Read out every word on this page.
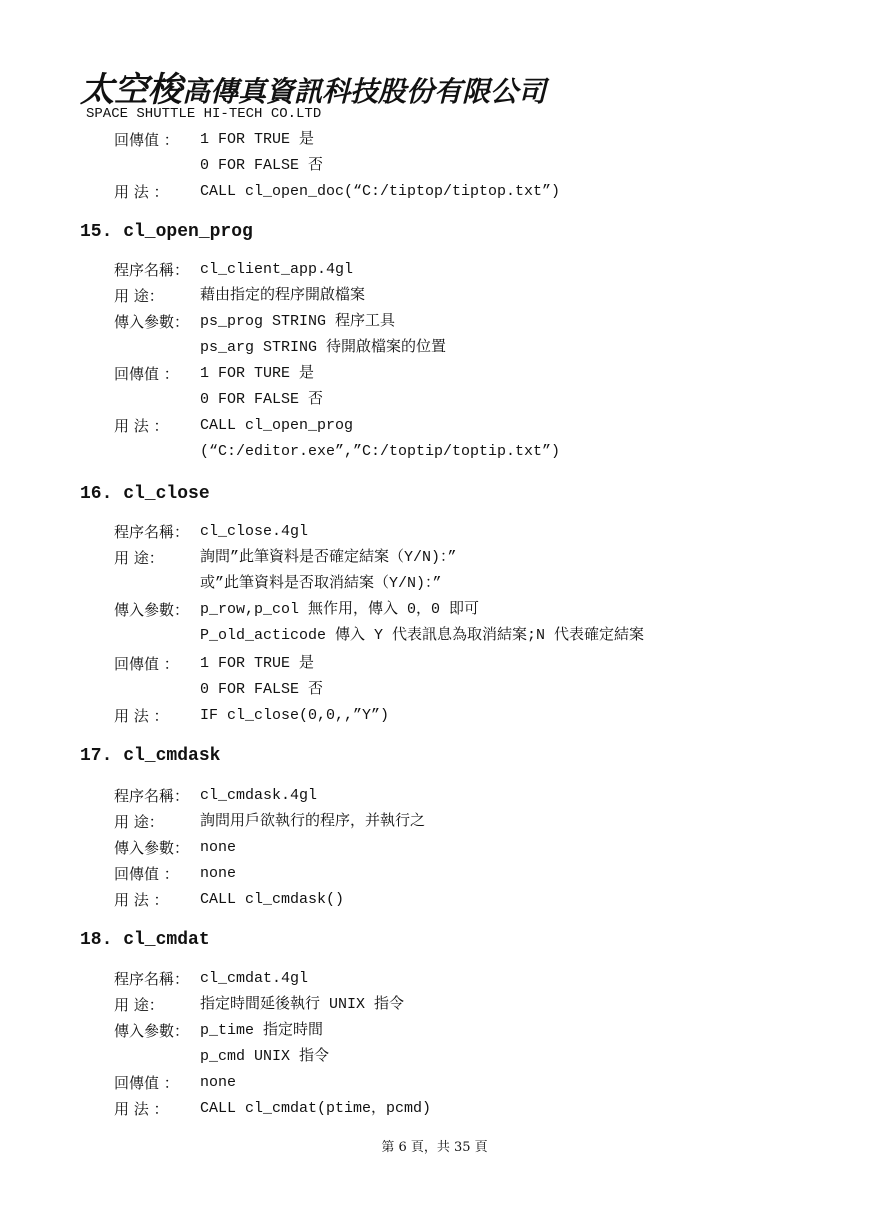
太空梭高傳真資訊科技股份有限公司
SPACE SHUTTLE HI-TECH CO.LTD
回傳值 ： 1 FOR TRUE 是
0 FOR FALSE 否
用 法 ： CALL cl_open_doc(“C:/tiptop/tiptop.txt”)
15. cl_open_prog
程序名稱： cl_client_app.4gl
用 途： 藉由指定的程序開啟檔案
傳入參數： ps_prog STRING 程序工具
ps_arg STRING 待開啟檔案的位置
回傳值 ： 1 FOR TURE 是
0 FOR FALSE 否
用 法 ： CALL cl_open_prog
(“C:/editor.exe”,”C:/toptip/toptip.txt”)
16. cl_close
程序名稱： cl_close.4gl
用 途： 詢問”此筆資料是否確定結案（Y/N)：”
或”此筆資料是否取消結案（Y/N)：”
傳入參數： p_row,p_col 無作用，傳入 0，0 即可
P_old_acticode 傳入 Y 代表訊息為取消結案;N 代表確定結案
回傳值 ： 1 FOR TRUE 是
0 FOR FALSE 否
用 法 ： IF cl_close(0,0,,”Y”)
17. cl_cmdask
程序名稱： cl_cmdask.4gl
用 途： 詢問用戶欲執行的程序，并執行之
傳入參數： none
回傳值 ： none
用 法 ： CALL cl_cmdask()
18. cl_cmdat
程序名稱： cl_cmdat.4gl
用 途： 指定時間延後執行 UNIX 指令
傳入參數： p_time 指定時間
p_cmd UNIX 指令
回傳值 ： none
用 法 ： CALL cl_cmdat(ptime，pcmd)
第 6 頁，共 35 頁
